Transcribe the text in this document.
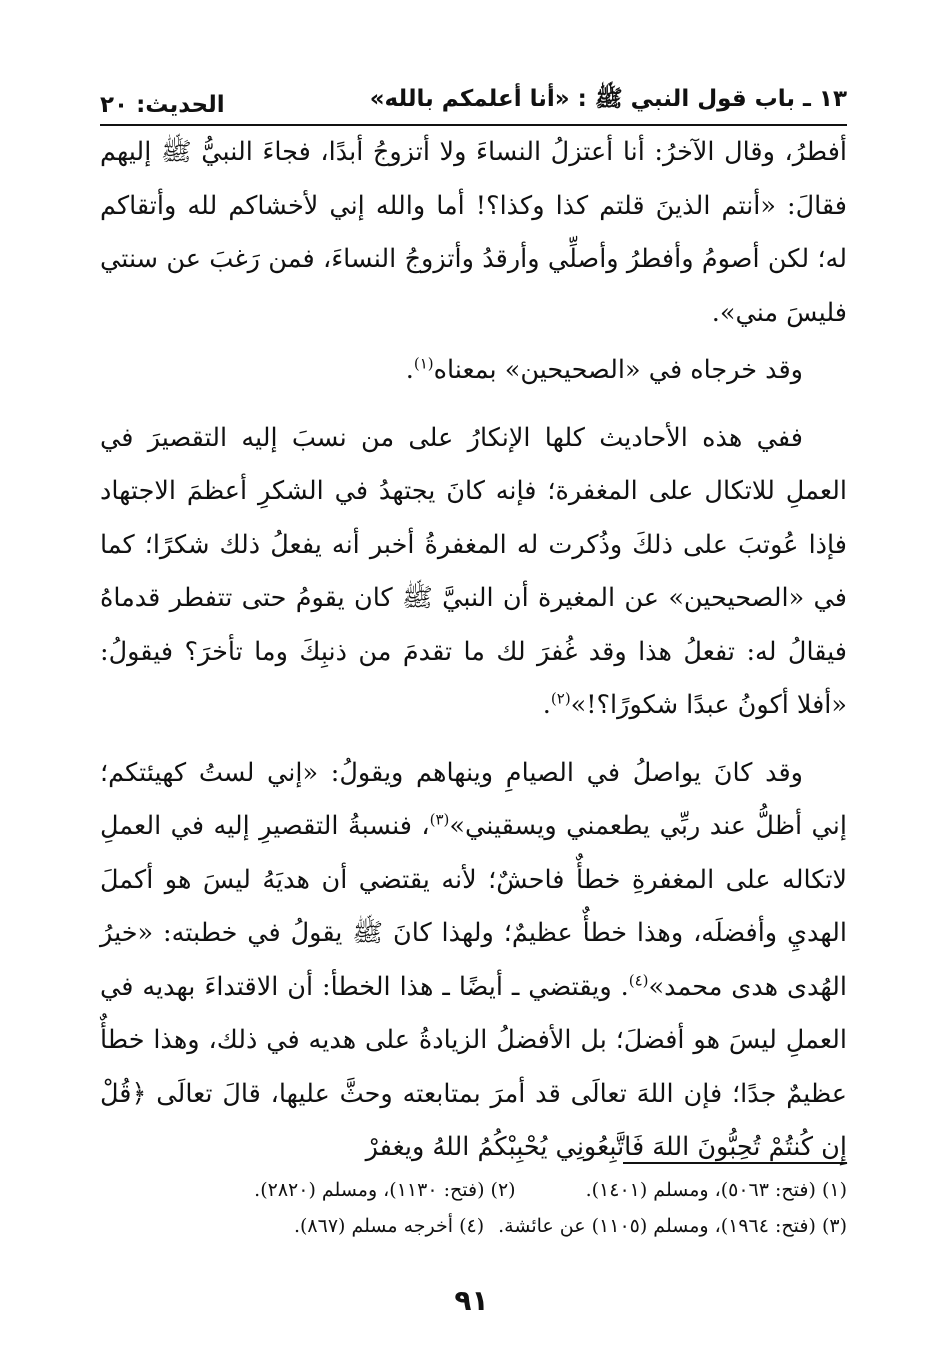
١٣ ـ باب قول النبي ﷺ : «أنا أعلمكم بالله»
الحديث: ٢٠

أفطرُ، وقال الآخرُ: أنا أعتزلُ النساءَ ولا أتزوجُ أبدًا، فجاءَ النبيُّ ﷺ إليهم فقالَ: «أنتم الذينَ قلتم كذا وكذا؟! أما والله إني لأخشاكم لله وأتقاكم له؛ لكن أصومُ وأفطرُ وأصلِّي وأرقدُ وأتزوجُ النساءَ، فمن رَغبَ عن سنتي فليسَ مني».

وقد خرجاه في «الصحيحين» بمعناه$^{(١)}$.

ففي هذه الأحاديث كلها الإنكارُ على من نسبَ إليه التقصيرَ في العملِ للاتكال على المغفرة؛ فإنه كانَ يجتهدُ في الشكرِ أعظمَ الاجتهاد فإذا عُوتبَ على ذلكَ وذُكرت له المغفرةُ أخبر أنه يفعلُ ذلك شكرًا؛ كما في «الصحيحين» عن المغيرة أن النبيَّ ﷺ كان يقومُ حتى تتفطر قدماهُ فيقالُ له: تفعلُ هذا وقد غُفرَ لك ما تقدمَ من ذنبِكَ وما تأخرَ؟ فيقولُ: «أفلا أكونُ عبدًا شكورًا؟!»$^{(٢)}$.

وقد كانَ يواصلُ في الصيامِ وينهاهم ويقولُ: «إني لستُ كهيئتكم؛ إني أظلُّ عند ربِّي يطعمني ويسقيني»$^{(٣)}$، فنسبةُ التقصيرِ إليه في العملِ لاتكاله على المغفرةِ خطأٌ فاحشٌ؛ لأنه يقتضي أن هديَهُ ليسَ هو أكملَ الهديِ وأفضلَه، وهذا خطأٌ عظيمٌ؛ ولهذا كانَ ﷺ يقولُ في خطبته: «خيرُ الهُدى هدى محمد»$^{(٤)}$. ويقتضي ـ أيضًا ـ هذا الخطأ: أن الاقتداءَ بهديه في العملِ ليسَ هو أفضلَ؛ بل الأفضلُ الزيادةُ على هديه في ذلك، وهذا خطأٌ عظيمٌ جدًا؛ فإن اللهَ تعالَى قد أمرَ بمتابعته وحثَّ عليها، قالَ تعالَى ﴿قُلْ إِن كُنتُمْ تُحِبُّونَ اللهَ فَاتَّبِعُونِي يُحْبِبْكُمُ اللهُ ويغفرْ

(١) (فتح: ٥٠٦٣)، ومسلم (١٤٠١).
(٢) (فتح: ١١٣٠)، ومسلم (٢٨٢٠).
(٣) (فتح: ١٩٦٤)، ومسلم (١١٠٥) عن عائشة.
(٤) أخرجه مسلم (٨٦٧).
٩١
